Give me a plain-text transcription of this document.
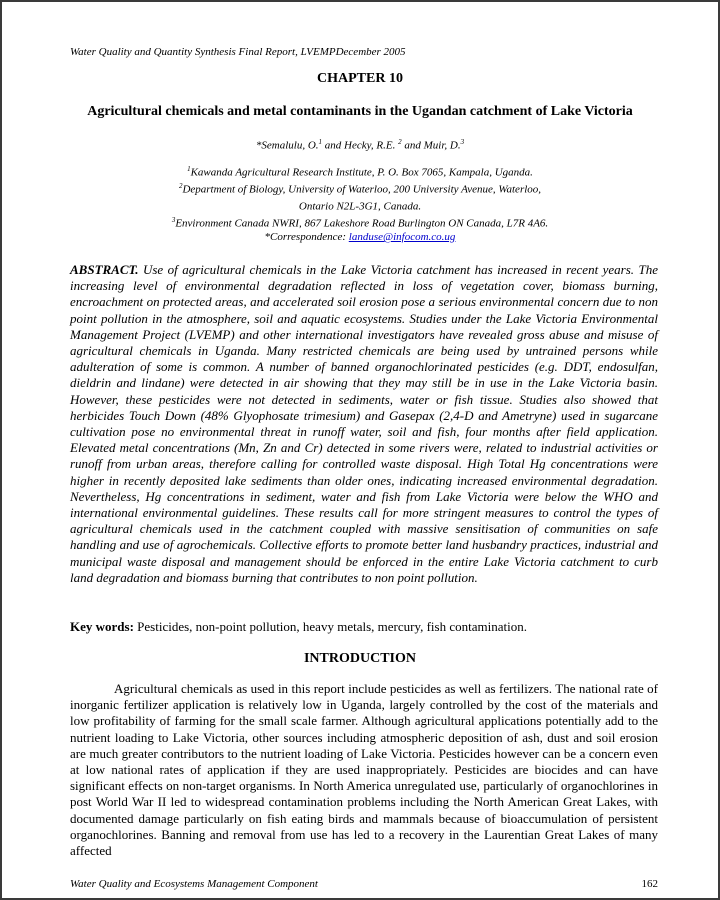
Water Quality and Quantity Synthesis Final Report, LVEMPDecember 2005
CHAPTER 10
Agricultural chemicals and metal contaminants in the Ugandan catchment of Lake Victoria
*Semalulu, O.$^1$ and Hecky, R.E. $^2$ and Muir, D.$^3$
$^1$Kawanda Agricultural Research Institute, P. O. Box 7065, Kampala, Uganda.
$^2$Department of Biology, University of Waterloo, 200 University Avenue, Waterloo,
Ontario N2L-3G1, Canada.
$^3$Environment Canada NWRI, 867 Lakeshore Road Burlington ON Canada, L7R 4A6.
*Correspondence: landuse@infocom.co.ug

ABSTRACT. Use of agricultural chemicals in the Lake Victoria catchment has increased in recent years. The increasing level of environmental degradation reflected in loss of vegetation cover, biomass burning, encroachment on protected areas, and accelerated soil erosion pose a serious environmental concern due to non point pollution in the atmosphere, soil and aquatic ecosystems. Studies under the Lake Victoria Environmental Management Project (LVEMP) and other international investigators have revealed gross abuse and misuse of agricultural chemicals in Uganda. Many restricted chemicals are being used by untrained persons while adulteration of some is common. A number of banned organochlorinated pesticides (e.g. DDT, endosulfan, dieldrin and lindane) were detected in air showing that they may still be in use in the Lake Victoria basin. However, these pesticides were not detected in sediments, water or fish tissue. Studies also showed that herbicides Touch Down (48% Glyophosate trimesium) and Gasepax (2,4-D and Ametryne) used in sugarcane cultivation pose no environmental threat in runoff water, soil and fish, four months after field application. Elevated metal concentrations (Mn, Zn and Cr) detected in some rivers were, related to industrial activities or runoff from urban areas, therefore calling for controlled waste disposal. High Total Hg concentrations were higher in recently deposited lake sediments than older ones, indicating increased environmental degradation. Nevertheless, Hg concentrations in sediment, water and fish from Lake Victoria were below the WHO and international environmental guidelines. These results call for more stringent measures to control the types of agricultural chemicals used in the catchment coupled with massive sensitisation of communities on safe handling and use of agrochemicals. Collective efforts to promote better land husbandry practices, industrial and municipal waste disposal and management should be enforced in the entire Lake Victoria catchment to curb land degradation and biomass burning that contributes to non point pollution.

Key words: Pesticides, non-point pollution, heavy metals, mercury, fish contamination.

INTRODUCTION

Agricultural chemicals as used in this report include pesticides as well as fertilizers. The national rate of inorganic fertilizer application is relatively low in Uganda, largely controlled by the cost of the materials and low profitability of farming for the small scale farmer. Although agricultural applications potentially add to the nutrient loading to Lake Victoria, other sources including atmospheric deposition of ash, dust and soil erosion are much greater contributors to the nutrient loading of Lake Victoria. Pesticides however can be a concern even at low national rates of application if they are used inappropriately. Pesticides are biocides and can have significant effects on non-target organisms. In North America unregulated use, particularly of organochlorines in post World War II led to widespread contamination problems including the North American Great Lakes, with documented damage particularly on fish eating birds and mammals because of bioaccumulation of persistent organochlorines. Banning and removal from use has led to a recovery in the Laurentian Great Lakes of many affected

Water Quality and Ecosystems Management Component	162
